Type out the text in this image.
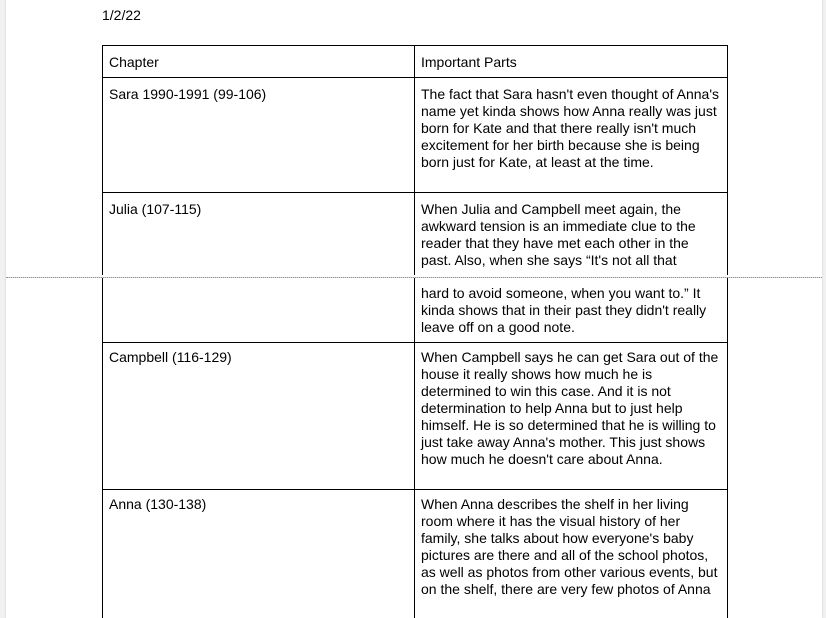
1/2/22
Chapter	Important Parts
Sara 1990-1991 (99-106)	The fact that Sara hasn't even thought of Anna's name yet kinda shows how Anna really was just born for Kate and that there really isn't much excitement for her birth because she is being born just for Kate, at least at the time.
Julia (107-115)	When Julia and Campbell meet again, the awkward tension is an immediate clue to the reader that they have met each other in the past. Also, when she says “It's not all that
	hard to avoid someone, when you want to.” It kinda shows that in their past they didn't really leave off on a good note.
Campbell (116-129)	When Campbell says he can get Sara out of the house it really shows how much he is determined to win this case. And it is not determination to help Anna but to just help himself. He is so determined that he is willing to just take away Anna's mother. This just shows how much he doesn't care about Anna.
Anna (130-138)	When Anna describes the shelf in her living room where it has the visual history of her family, she talks about how everyone's baby pictures are there and all of the school photos, as well as photos from other various events, but on the shelf, there are very few photos of Anna
